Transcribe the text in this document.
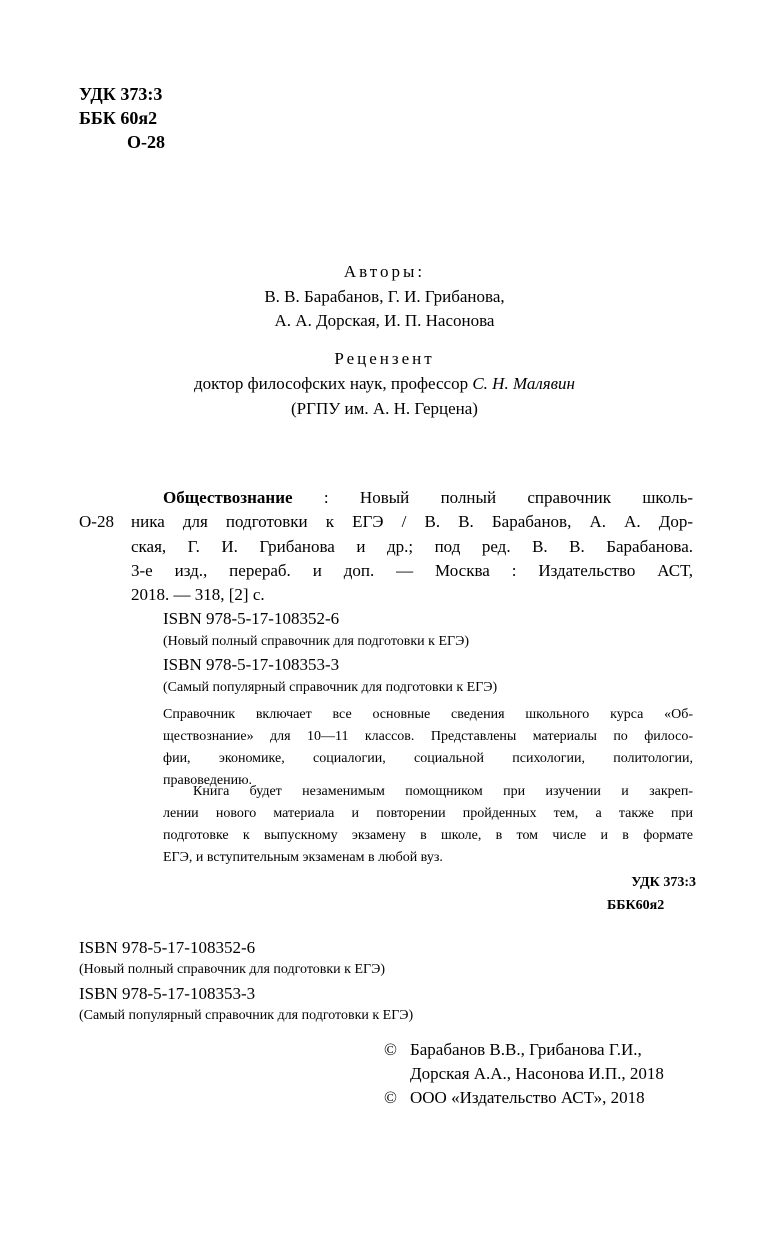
УДК 373:3
ББК 60я2
О-28
Авторы:
В. В. Барабанов, Г. И. Грибанова,
А. А. Дорская, И. П. Насонова
Рецензент
доктор философских наук, профессор С. Н. Малявин
(РГПУ им. А. Н. Герцена)
О-28
Обществознание : Новый полный справочник школь-
ника для подготовки к ЕГЭ / В. В. Барабанов, А. А. Дор-
ская, Г. И. Грибанова и др.; под ред. В. В. Барабанова.
3-е изд., перераб. и доп. — Москва : Издательство АСТ,
2018. — 318, [2] с.
ISBN 978-5-17-108352-6
(Новый полный справочник для подготовки к ЕГЭ)
ISBN 978-5-17-108353-3
(Самый популярный справочник для подготовки к ЕГЭ)
Справочник включает все основные сведения школьного курса «Об-
ществознание» для 10—11 классов. Представлены материалы по филосо-
фии, экономике, социалогии, социальной психологии, политологии,
правоведению.
Книга будет незаменимым помощником при изучении и закреп-
лении нового материала и повторении пройденных тем, а также при
подготовке к выпускному экзамену в школе, в том числе и в формате
ЕГЭ, и вступительным экзаменам в любой вуз.
УДК 373:3
ББК60я2
ISBN 978-5-17-108352-6
(Новый полный справочник для подготовки к ЕГЭ)
ISBN 978-5-17-108353-3
(Самый популярный справочник для подготовки к ЕГЭ)
© Барабанов В.В., Грибанова Г.И.,
Дорская А.А., Насонова И.П., 2018
© ООО «Издательство АСТ», 2018
